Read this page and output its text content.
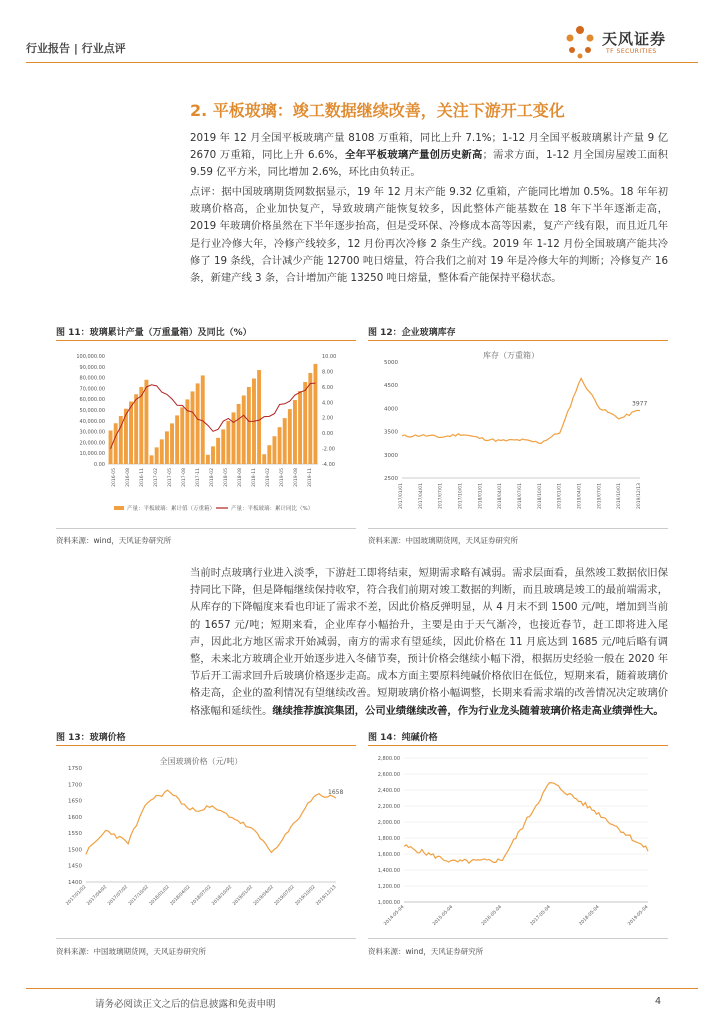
行业报告 | 行业点评
天风证券
TF SECURITIES
2. 平板玻璃：竣工数据继续改善，关注下游开工变化
2019 年 12 月全国平板玻璃产量 8108 万重箱，同比上升 7.1%；1-12 月全国平板玻璃累计产量 9 亿 2670 万重箱，同比上升 6.6%，全年平板玻璃产量创历史新高；需求方面，1-12 月全国房屋竣工面积 9.59 亿平方米，同比增加 2.6%，环比由负转正。
点评：据中国玻璃期货网数据显示，19 年 12 月末产能 9.32 亿重箱，产能同比增加 0.5%。18 年年初玻璃价格高，企业加快复产，导致玻璃产能恢复较多，因此整体产能基数在 18 年下半年逐渐走高，2019 年玻璃价格虽然在下半年逐步抬高，但是受环保、冷修成本高等因素，复产产线有限，而且近几年是行业冷修大年，冷修产线较多，12 月份再次冷修 2 条生产线。2019 年 1-12 月份全国玻璃产能共冷修了 19 条线，合计减少产能 12700 吨日熔量，符合我们之前对 19 年是冷修大年的判断；冷修复产 16 条，新建产线 3 条，合计增加产能 13250 吨日熔量，整体看产能保持平稳状态。
图 11：玻璃累计产量（万重量箱）及同比（%）
100,000.00
90,000.00
80,000.00
70,000.00
60,000.00
50,000.00
40,000.00
30,000.00
20,000.00
10,000.00
0.00
10.00
8.00
6.00
4.00
2.00
0.00
-2.00
-4.00
2016-05 2016-08 2016-11 2017-02 2017-05 2017-08 2017-11 2018-02 2018-05 2018-08 2018-11 2019-02 2019-05 2019-08 2019-11
产量：平板玻璃：累计值（万重箱）	产量：平板玻璃：累计同比（%）
资料来源：wind，天风证券研究所
图 12：企业玻璃库存
库存（万重箱）
5000
4500
4000
3500
3000
2500
2017/01/01	2017/04/01	2017/07/01	2017/10/01	2018/01/01	2018/04/01	2018/07/01	2018/10/01	2019/01/01	2019/04/01	2019/07/01	2019/10/01	2019/12/13
3977
资料来源：中国玻璃期货网，天风证券研究所
当前时点玻璃行业进入淡季，下游赶工即将结束，短期需求略有减弱。需求层面看，虽然竣工数据依旧保持同比下降，但是降幅继续保持收窄，符合我们前期对竣工数据的判断，而且玻璃是竣工的最前端需求，从库存的下降幅度来看也印证了需求不差，因此价格反弹明显，从 4 月末不到 1500 元/吨，增加到当前的 1657 元/吨；短期来看，企业库存小幅抬升，主要是由于天气渐冷，也接近春节，赶工即将进入尾声，因此北方地区需求开始减弱，南方的需求有望延续，因此价格在 11 月底达到 1685 元/吨后略有调整，未来北方玻璃企业开始逐步进入冬储节奏，预计价格会继续小幅下滑，根据历史经验一般在 2020 年节后开工需求回升后玻璃价格逐步走高。成本方面主要原料纯碱价格依旧在低位，短期来看，随着玻璃价格走高，企业的盈利情况有望继续改善。短期玻璃价格小幅调整，长期来看需求端的改善情况决定玻璃价格涨幅和延续性。继续推荐旗滨集团，公司业绩继续改善，作为行业龙头随着玻璃价格走高业绩弹性大。
图 13：玻璃价格
全国玻璃价格（元/吨）
1750
1700
1650
1600
1550
1500
1450
1400
2017/01/02
2017/04/02
2017/07/02
2017/10/02
2018/01/02
2018/04/02
2018/07/02
2018/10/02
2019/01/02
2019/04/02
2019/07/02
2019/10/02
2019/12/13
1658
资料来源：中国玻璃期货网，天风证券研究所
图 14：纯碱价格
2,800.00
2,600.00
2,400.00
2,200.00
2,000.00
1,800.00
1,600.00
1,400.00
1,200.00
1,000.00
2014-05-04	2015-05-04	2016-05-04	2017-05-04	2018-05-04	2019-05-04
资料来源：wind，天风证券研究所
请务必阅读正文之后的信息披露和免责申明	4
